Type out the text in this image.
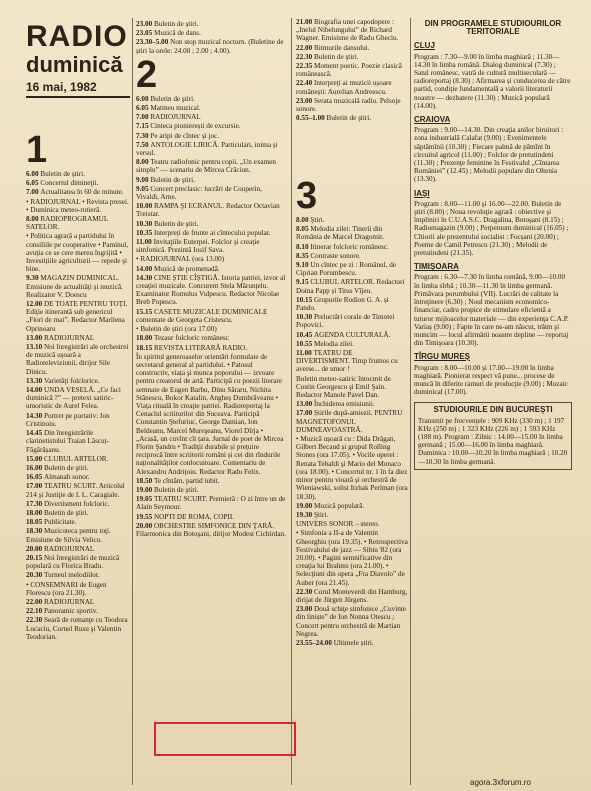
RADIO
duminică
16 mai, 1982
1
6.00 Buletin de știri.
6.05 Concertul dimineţii.
7.00 Actualitatea în 60 de minute.
• RADIOJURNAL • Revista presei. • Duminica meteo-rutieră.
8.00 RADIOPROGRAMUL SATELOR.
• Politica agrară a partidului în consiliile pe cooperative • Paminul, avuția ce se cere mereu îngrijită • Investițiile agriculturii — repede şi bine.
9.30 MAGAZIN DUMINICAL. Emisiune de actualități şi muzică. Realizator V. Doescu
12.00 DE TOATE PENTRU TOȚI. Ediție itinerantă sub genericul „Flori de mai”. Redactor Marilena Oprinoaru
13.00 RADIOJURNAL
13.10 Noi înregistrări ale orchestrei de muzică ușoară a Radioteleviziunii, dirijor Sile Dinicu.
13.30 Varietăţi folclorice.
14.00 UNDA VESELĂ. „Ce faci duminică ?” — pretext satiric-umoristic de Aurel Felea.
14.30 Portret pe portativ: Ion Cristinoiu.
14.45 Din înregistrările clarinetistului Traian Lăscuț-Făgărășanu.
15.00 CLUBUL ARTELOR.
16.00 Buletin de ştiri.
16.05 Almanah sonor.
17.00 TEATRU SCURT. Articolul 214 şi Justiţie de I. L. Caragiale.
17.30 Divertisment folcloric.
18.00 Buletin de ştiri.
18.05 Publicitate.
18.30 Muzicoteca pentru toţi. Emisiune de Silvia Velicu.
20.00 RADIOJURNAL
20.15 Noi înregistrări de muzică populară cu Florica Bradu.
20.30 Turneul melodiilor.
• CONSEMNARI de Eugen Florescu (ora 21.30).
22.00 RADIOJURNAL
22.10 Panoramic sportiv.
22.30 Seară de romanţe cu Teodora Lucaciu, Cornel Rusu şi Valentin Teodorian.
23.00 Buletin de ştiri.
23.05 Muzică de dans.
23.30–5.00 Non stop muzical nocturn. (Buletine de știri la orele: 24.00 ; 2.00 ; 4.00).
2
6.00 Buletin de ştiri.
6.05 Matineu muzical.
7.00 RADIOJURNAL
7.15 Cinteca pionierești de excursie.
7.30 Pe aripi de cîntec și joc.
7.50 ANTOLOGIE LIRICĂ. Particulari, inima şi versul.
8.00 Teatru radiofonic pentru copii. „Un examen simplu” — scenariu de Mircea Crăciun.
9.00 Buletin de ştiri.
9.05 Concert preclasic: lucrări de Couperin, Vivaldi, Arne.
10.00 RAMPA ŞI ECRANUL. Redactor Octavian Treistar.
10.30 Buletin de ştiri.
10.35 Interpreți de frunte ai cîntecului popular.
11.00 Invitaţiile Euterpei. Folclor şi creaţie simfonică. Prezintă Iosif Sava.
• RADIOJURNAL (ora 13.00)
14.00 Muzică de promenadă.
14.30 CINE ȘTIE CÎȘTIGĂ. Istoria patriei, izvor al creaţiei muzicale. Concurent Stela Mărunțelu. Examinator Romulus Vulpescu. Redactor Nicolae Breb Popescu.
15.15 CASETE MUZICALE DUMINICALE comentate de Georgeta Cristescu.
• Buletin de știri (ora 17.00)
18.00 Tezaur folcloric românesc
18.15 REVISTA LITERARĂ RADIO.
În spiritul generoaselor orientări formulate de secretarul general al partidului. • Patosul constructiv, viața şi munca poporului — izvoare pentru creatorul de artă. Participă cu poezii literare semnate de Eugen Barbu, Dinu Săraru, Nichita Stănescu, Bokor Katalin, Angheș Dumbrăveanu • Viața rituală în creaţie patriei. Radioreportaj la Cenaclul scriitorilor din Suceava. Participă Constantin Ştefuriuc, George Damian, Ion Beldeanu, Marcel Mureşeanu, Viorel Dîrja • „Acasă, un cuvînt cît țara. Jurnal de poet de Mircea Florin Şandru • Tradiţii durabile ṣi prețuire reciprocă între scriitorii români și cei din rîndurile naționalităților conlocuitoare. Comentariu de Alexandru Andrițoiu. Redactor Radu Felix.
18.50 Te cîntăm, partid iubit.
19.00 Buletin de ştiri.
19.05 TEATRU SCURT. Premieră : O zi între un de Alain Seymour.
19.55 NOPTI DE ROMA, COPII.
20.00 ORCHESTRE SIMFONICE DIN ŢARĂ. Filarmonica din Botoşani, dirijor Modest Cichirdan.
21.00 Biografia unei capodopere : „Inelul Nibelungului” de Richard Wagner. Emisiune de Radu Gheciu.
22.00 Ritmurile dansului.
22.30 Buletin de ştiri.
22.35 Moment poetic. Poezie clasică românească.
22.40 Interpreți ai muzicii ușoare românești: Aurelian Andreescu.
23.00 Serata muzicală radio. Pelsoje sonore.
0.55–1.00 Buletin de ştiri.
3
8.00 Ştiri.
8.05 Melodia zilei: Tinerii din România de Marcel Dragomir.
8.10 Itinerar folcloric românesc.
8.35 Contraste sonore.
9.10 Un cîntec pe zi : Românul, de Ciprian Porumbescu.
9.15 CLUBUL ARTELOR. Redactori Doina Papp și Titus Vîjeu.
10.15 Grupurile Rodion G. A. și Pando.
10.30 Prelucrări corale de Timotei Popovici.
10.45 AGENDA CULTURALĂ.
10.55 Melodia zilei.
11.00 TEATRU DE DIVERTISMENT. Timp frumos cu averse... de umor !
Buletin meteo-satiric întocmit de Costin Georgescu şi Emil Şain. Redactor Manole Pavel Dan.
13.00 Închiderea emisiunii.
17.00 Știrile după-amiezii. PENTRU MAGNETOFONUL DUMNEAVOASTRĂ.
• Muzică ușoară cu : Dida Drăgan, Gilbert Becaud și grupul Rolling Stones (ora 17.05). • Vocile operei : Renata Tebaldi şi Mario del Monaco (ora 18.00). • Concertul nr. 1 în fa diez minor pentru vioară și orchestră de Wieniawski, solist Itzhak Perlman (ora 18.30).
19.00 Muzică populară.
19.30 Ştiri.
UNIVERS SONOR – stereo.
• Simfonia a II-a de Valentin Gheorghiu (ora 19.35). • Retrospectiva Festivalului de jazz — Sibiu '82 (ora 20.00). • Pagini semnificative din creaţia lui Brahms (ora 21.00). • Selecţiuni din opera „Fra Diavolo” de Auber (ora 21.45).
22.30 Corul Monteverdi din Hamburg, dirijat de Jürgen Jürgens.
23.00 Două schiţe simfonice „Cuvinte din liniște” de Ion Nonna Otescu ; Concert pentru orchestră de Martian Negrea.
23.55–24.00 Ultimele știri.
DIN PROGRAMELE STUDIOURILOR TERITORIALE
CLUJ
Program : 7.30—9.00 în limba maghiară ; 11.30—14.30 în limba română. Dialog duminical (7.30) ; Satul românesc, vatră de cultură multisecularǎ — radioreportaj (8.30) ; Afirmarea și conducerea de către partid, condiţie fundamentală a valorii literaturii noastre — dezbatere (11.30) ; Muzică populară (14.00).
CRAIOVA
Program : 9.00—14.30. Din creaţia anilor biruitori : zona industrială Calafat (9.00) ; Evenimentele săptămînii (10.30) ; Fiecare palmă de pămînt în circuitul agricol (11.00) ; Folclor de pretutindeni (11.30) ; Prezenţe feminine în Festivalul „Cîntarea României” (12.45) ; Melodii populare din Oltenia (13.30).
IAŞI
Program : 8.00—11.00 şi 16.00—22.00. Buletin de ştiri (8.00) ; Noua revoluţie agrară : obiective şi împliniri în C.U.A.S.C. Dragalina, Botoşani (8.15) ; Radiomagazin (9.00) ; Perpetuum duminical (16.05) ; Cîtiorii ale prezentului socialist : Focșani (20.00) ; Poeme de Camil Petrescu (21.30) ; Melodii de pretutindeni (21.35).
TIMIŞOARA
Program : 6.30—7.30 în limba română, 9.00—10.00 în limba sîrbă ; 10.30—11.30 în limba germană. Primăvara porumbului (VII). Lucrări de calitate la întreţinere (6.30) ; Noul mecanism economico-financiar, cadru propice de stimulare eficientă a tuturor mijloacelor materiale — din experienţa C.A.P. Variaș (9.00) ; Fapte în care ne-am născut, trăim şi muncim — locul afirmării noastre depline — reportaj din Timişoara (10.30).
TÎRGU MUREȘ
Program : 8.00—10.00 și 17.00—19.00 în limba maghiară. Pionierat respect vă pune... procese de muncă în diferite ramuri de producţie (9.00) ; Mozaic duminical (17.00).
STUDIOURILE DIN BUCUREŞTI
Transmit pe frecvenţele : 909 KHz (330 m) ; 1 197 KHz (250 m) ; 1 323 KHz (226 m) ; 1 593 KHz (188 m). Program : Zilnic : 14.00—15.00 în limba germană ; 15.00—16.00 în limba maghiară. Duminica : 10.00—10.20 în limba maghiară ; 10.20—10.30 în limba germană.
agora.3xforum.ro
